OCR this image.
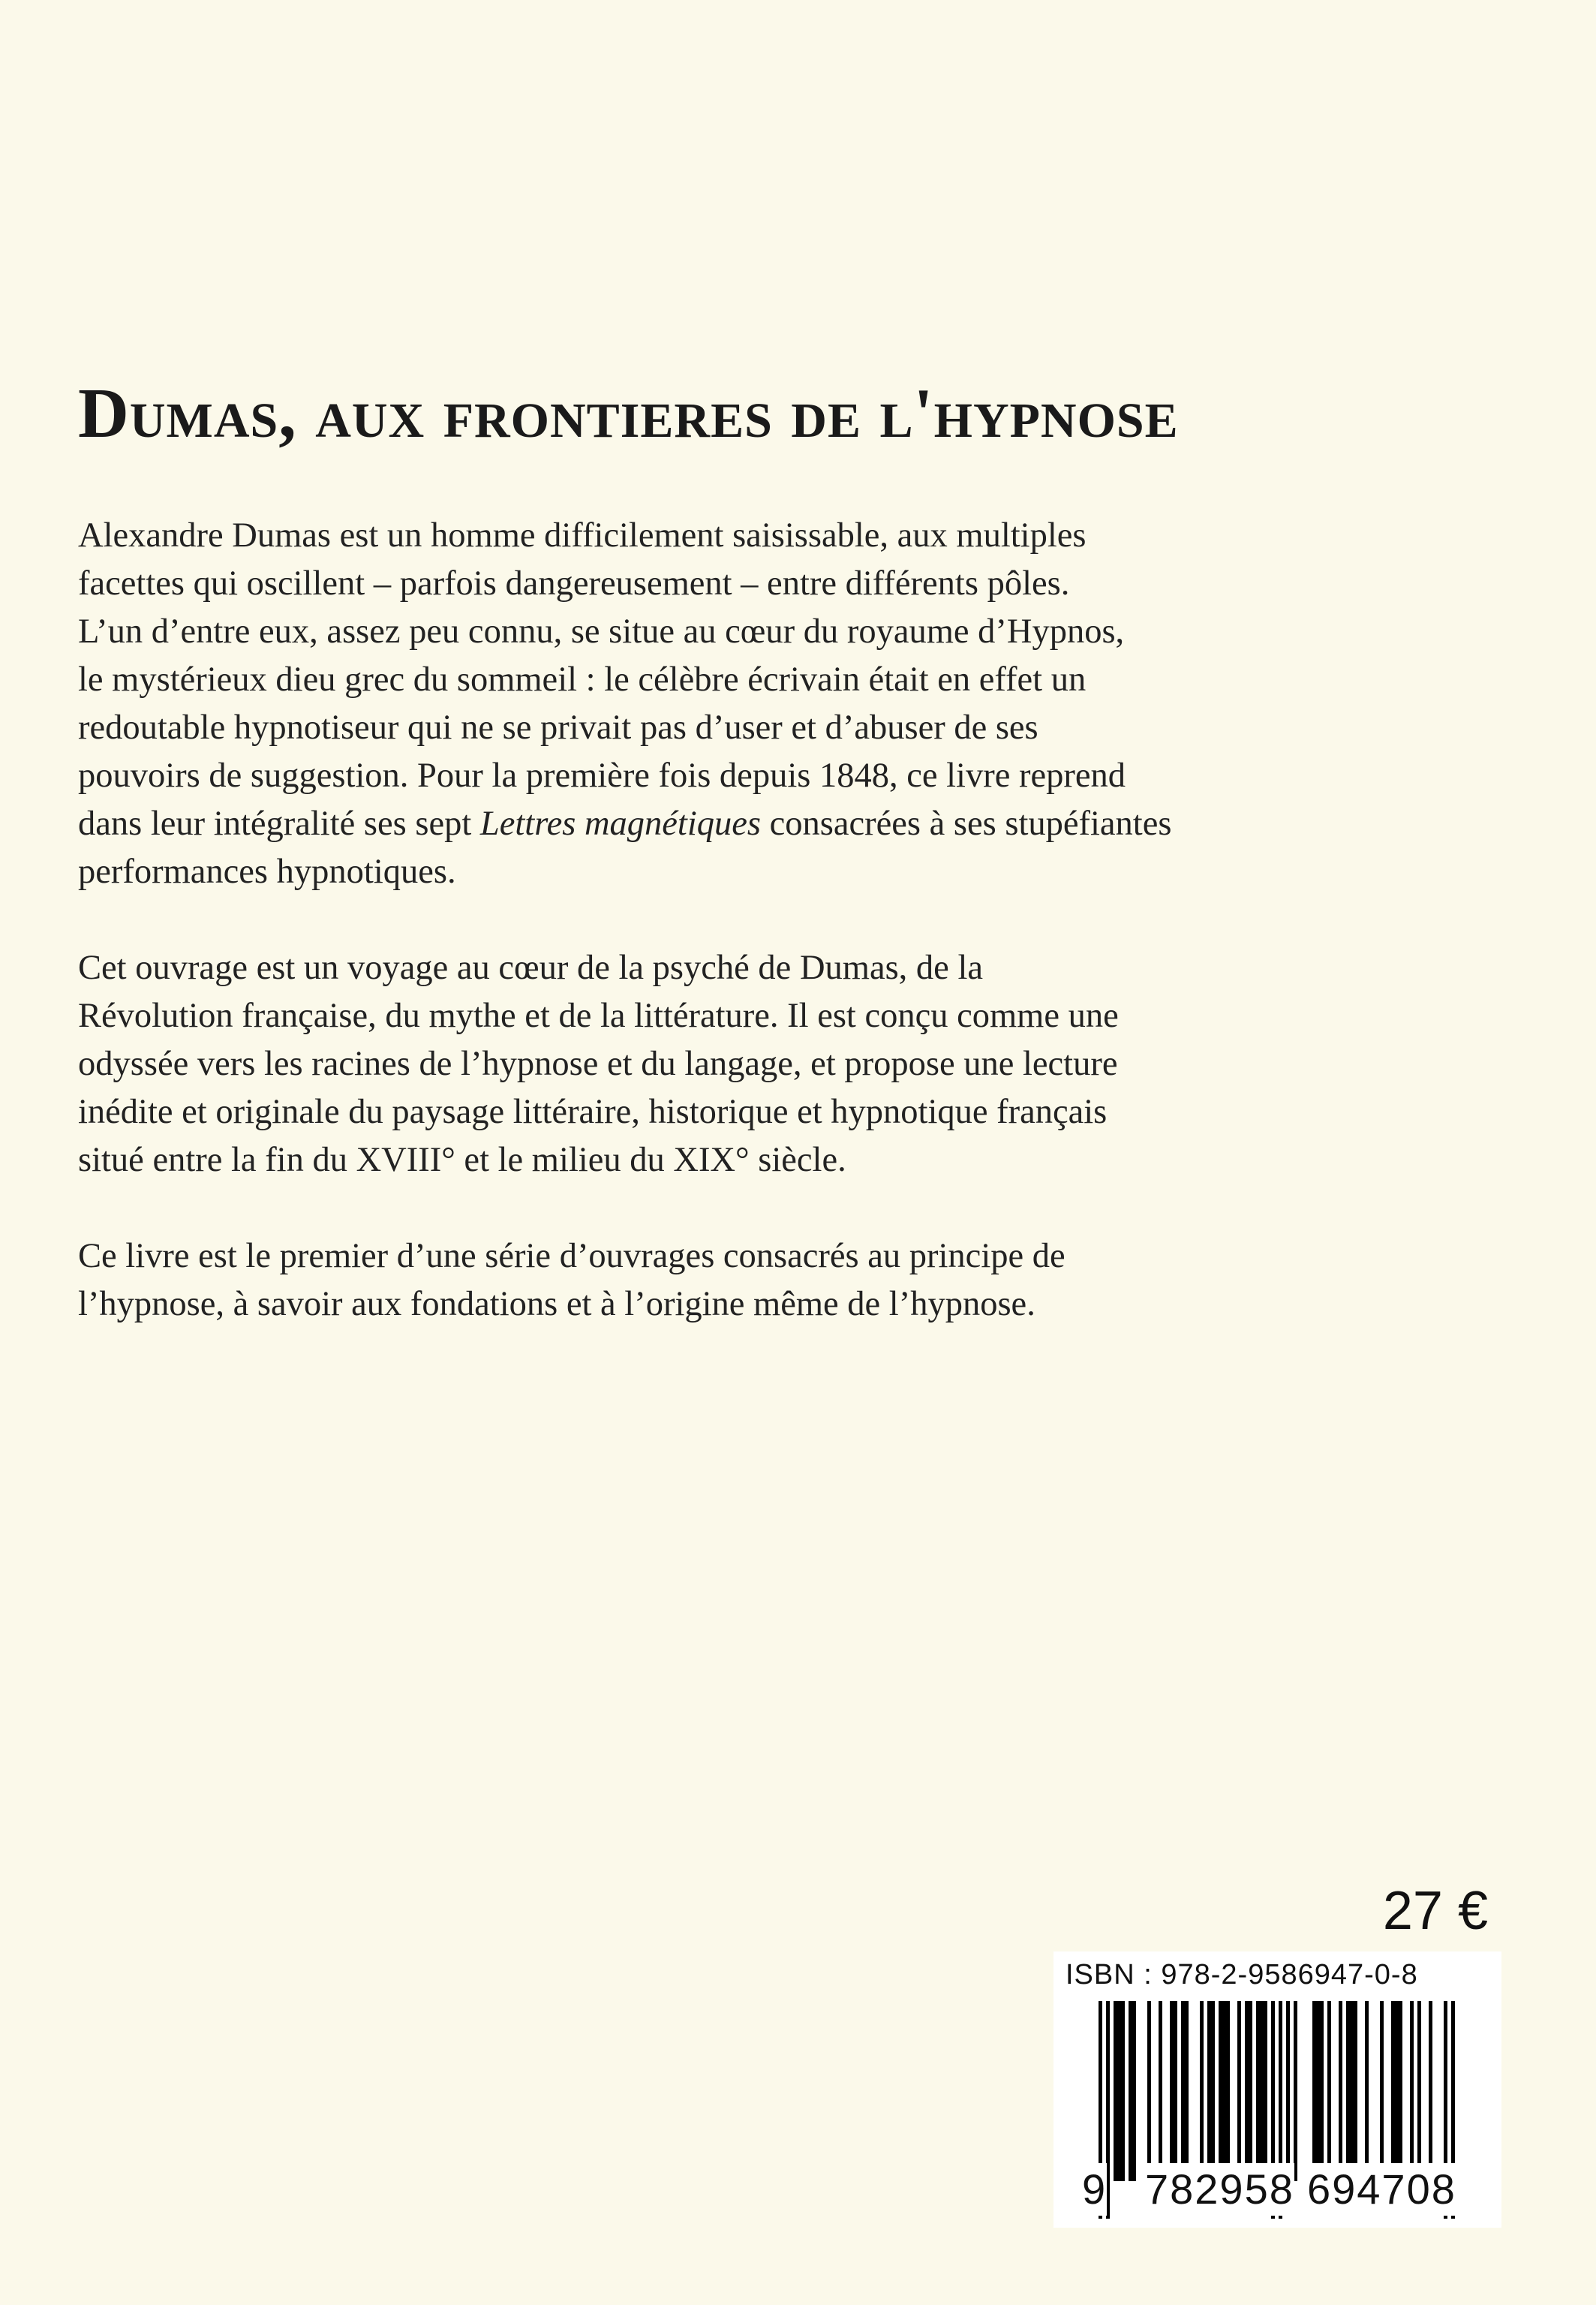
Dumas, aux frontieres de l'hypnose

Alexandre Dumas est un homme difficilement saisissable, aux multiples
facettes qui oscillent – parfois dangereusement – entre différents pôles.
L’un d’entre eux, assez peu connu, se situe au cœur du royaume d’Hypnos,
le mystérieux dieu grec du sommeil : le célèbre écrivain était en effet un
redoutable hypnotiseur qui ne se privait pas d’user et d’abuser de ses
pouvoirs de suggestion. Pour la première fois depuis 1848, ce livre reprend
dans leur intégralité ses sept Lettres magnétiques consacrées à ses stupéfiantes
performances hypnotiques.

Cet ouvrage est un voyage au cœur de la psyché de Dumas, de la
Révolution française, du mythe et de la littérature. Il est conçu comme une
odyssée vers les racines de l’hypnose et du langage, et propose une lecture
inédite et originale du paysage littéraire, historique et hypnotique français
situé entre la fin du XVIII° et le milieu du XIX° siècle.

Ce livre est le premier d’une série d’ouvrages consacrés au principe de
l’hypnose, à savoir aux fondations et à l’origine même de l’hypnose.

27 €
ISBN : 978-2-9586947-0-8
9 782958 694708
